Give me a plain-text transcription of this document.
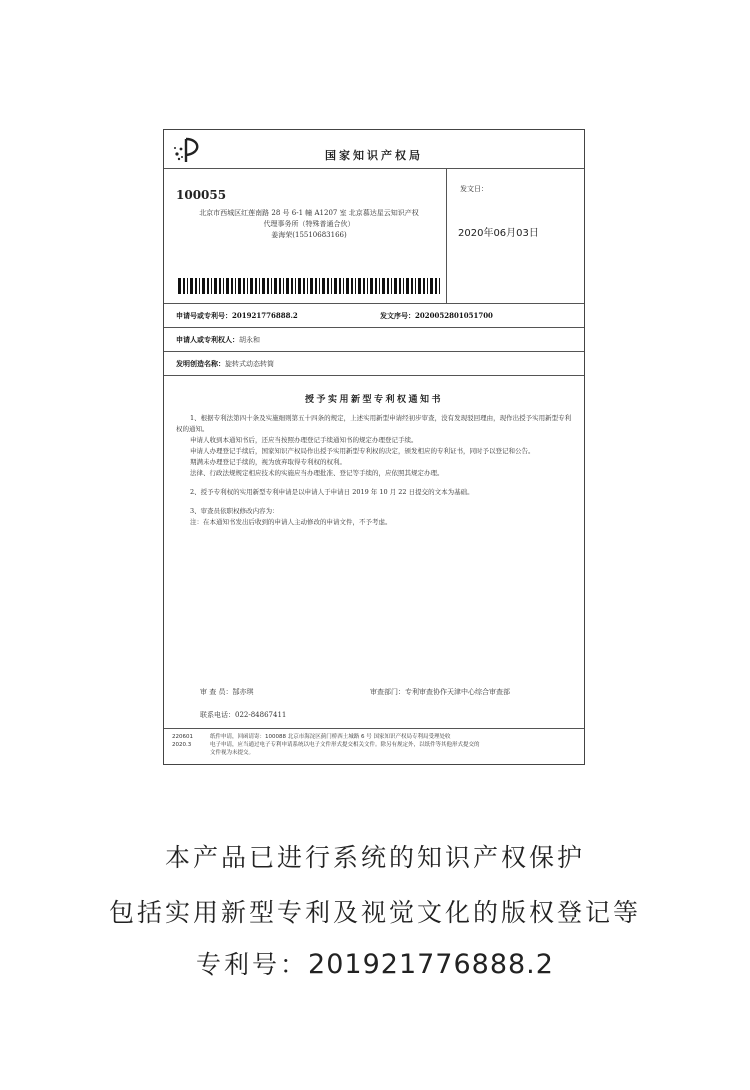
国家知识产权局
100055
北京市西城区红莲南路 28 号 6-1 幢 A1207 室 北京慕达星云知识产权
代理事务所（特殊普通合伙）
姜海荣(15510683166)
发文日：
2020年06月03日
申请号或专利号：201921776888.2	发文序号：2020052801051700
申请人或专利权人：胡永和
发明创造名称：旋转式动态转筒
授予实用新型专利权通知书

1、根据专利法第四十条及实施细则第五十四条的规定，上述实用新型申请经初步审查，没有发现驳回理由，现作出授予实用新型专利权的通知。

申请人收到本通知书后，还应当按照办理登记手续通知书的规定办理登记手续。

申请人办理登记手续后，国家知识产权局作出授予实用新型专利权的决定，颁发相应的专利证书，同时予以登记和公告。

期满未办理登记手续的，视为放弃取得专利权的权利。

法律、行政法规规定相应技术的实施应当办理批准、登记等手续的，应依照其规定办理。

2、授予专利权的实用新型专利申请是以申请人于申请日 2019 年 10 月 22 日提交的文本为基础。

3、审查员依职权修改内容为：

注：在本通知书发出后收到的申请人主动修改的申请文件，不予考虑。

审 查 员：郜亦琪	审查部门：专利审查协作天津中心综合审查部
联系电话：022-84867411
220601
2020.3
纸件申请，回函请寄：100088 北京市海淀区蓟门桥西土城路 6 号 国家知识产权局专利局受理处收
电子申请，应当通过电子专利申请系统以电子文件形式提交相关文件。除另有规定外，以纸件等其他形式提交的
文件视为未提交。
本产品已进行系统的知识产权保护
包括实用新型专利及视觉文化的版权登记等
专利号：201921776888.2
